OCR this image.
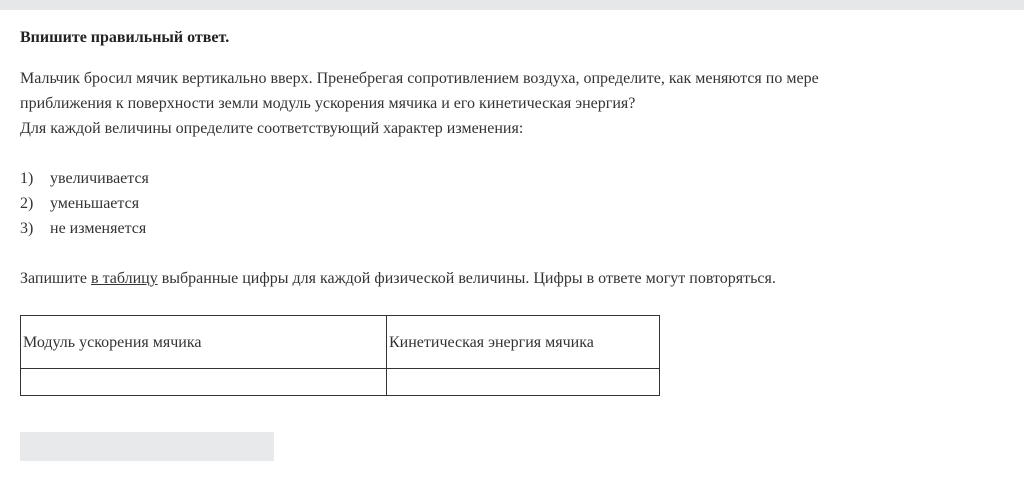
Впишите правильный ответ.

Мальчик бросил мячик вертикально вверх. Пренебрегая сопротивлением воздуха, определите, как меняются по мере
приближения к поверхности земли модуль ускорения мячика и его кинетическая энергия?

Для каждой величины определите соответствующий характер изменения:

1)	увеличивается
2)	уменьшается
3)	не изменяется

Запишите в таблицу выбранные цифры для каждой физической величины. Цифры в ответе могут повторяться.

Модуль ускорения мячика	Кинетическая энергия мячика
